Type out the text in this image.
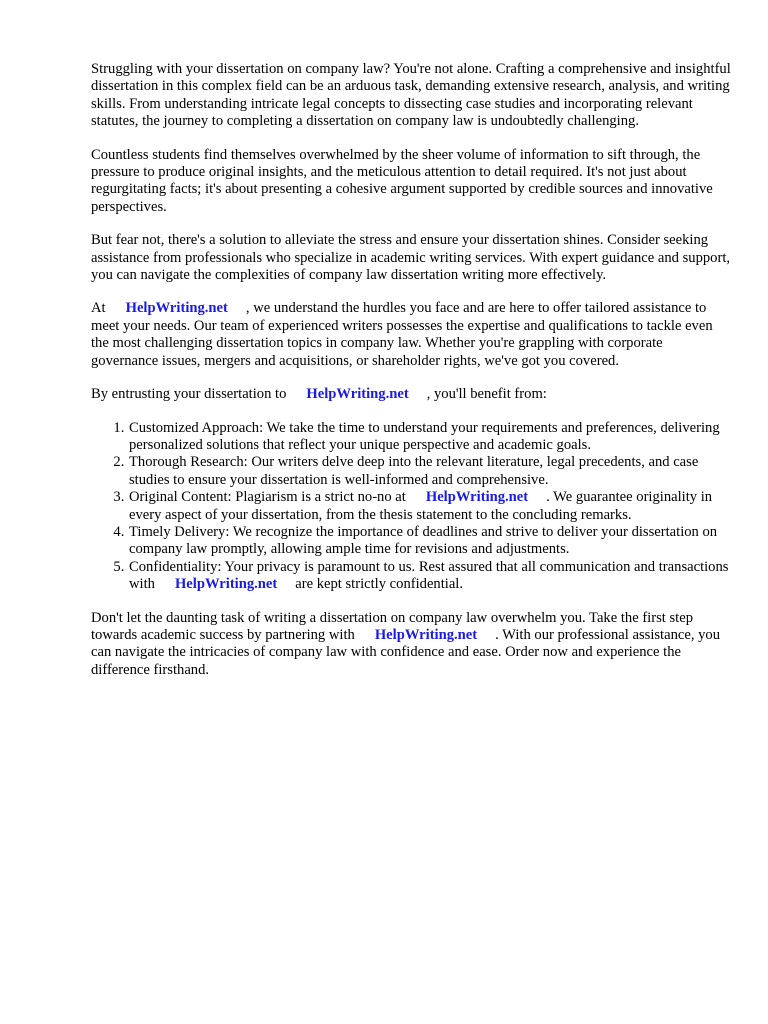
Struggling with your dissertation on company law? You're not alone. Crafting a comprehensive and insightful dissertation in this complex field can be an arduous task, demanding extensive research, analysis, and writing skills. From understanding intricate legal concepts to dissecting case studies and incorporating relevant statutes, the journey to completing a dissertation on company law is undoubtedly challenging.

Countless students find themselves overwhelmed by the sheer volume of information to sift through, the pressure to produce original insights, and the meticulous attention to detail required. It's not just about regurgitating facts; it's about presenting a cohesive argument supported by credible sources and innovative perspectives.

But fear not, there's a solution to alleviate the stress and ensure your dissertation shines. Consider seeking assistance from professionals who specialize in academic writing services. With expert guidance and support, you can navigate the complexities of company law dissertation writing more effectively.

At HelpWriting.net , we understand the hurdles you face and are here to offer tailored assistance to meet your needs. Our team of experienced writers possesses the expertise and qualifications to tackle even the most challenging dissertation topics in company law. Whether you're grappling with corporate governance issues, mergers and acquisitions, or shareholder rights, we've got you covered.

By entrusting your dissertation to HelpWriting.net , you'll benefit from:

1. Customized Approach: We take the time to understand your requirements and preferences, delivering personalized solutions that reflect your unique perspective and academic goals.
2. Thorough Research: Our writers delve deep into the relevant literature, legal precedents, and case studies to ensure your dissertation is well-informed and comprehensive.
3. Original Content: Plagiarism is a strict no-no at HelpWriting.net . We guarantee originality in every aspect of your dissertation, from the thesis statement to the concluding remarks.
4. Timely Delivery: We recognize the importance of deadlines and strive to deliver your dissertation on company law promptly, allowing ample time for revisions and adjustments.
5. Confidentiality: Your privacy is paramount to us. Rest assured that all communication and transactions with HelpWriting.net are kept strictly confidential.

Don't let the daunting task of writing a dissertation on company law overwhelm you. Take the first step towards academic success by partnering with HelpWriting.net . With our professional assistance, you can navigate the intricacies of company law with confidence and ease. Order now and experience the difference firsthand.
